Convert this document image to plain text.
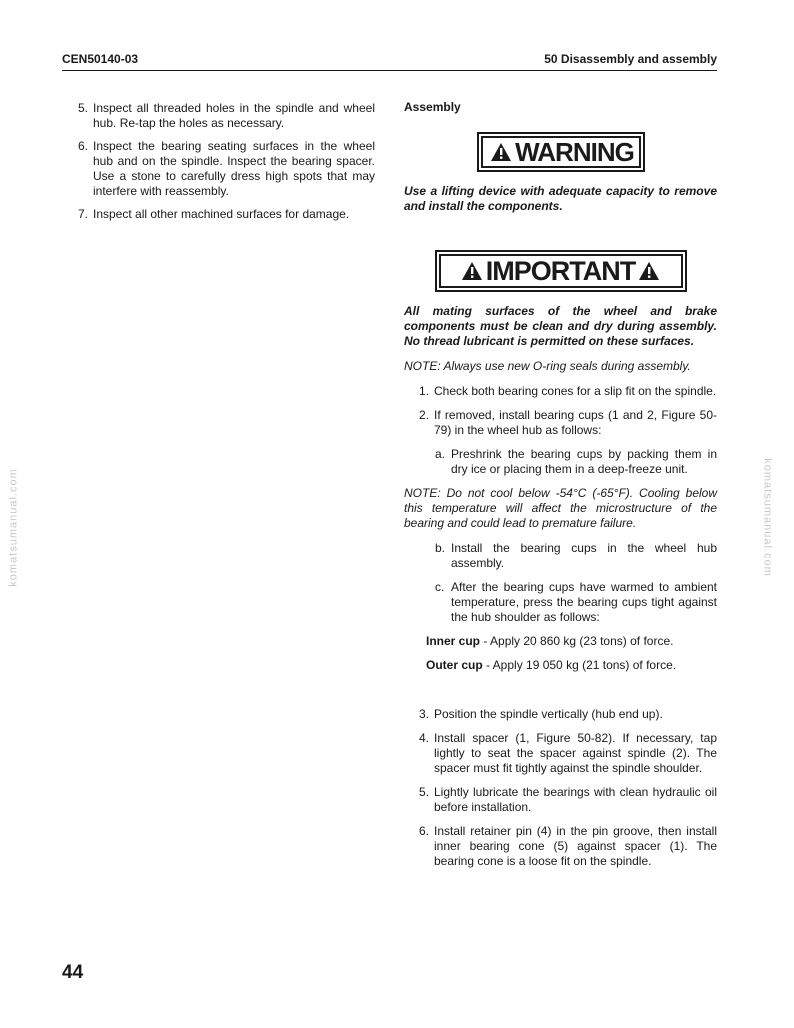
CEN50140-03	50 Disassembly and assembly
komatsumanual.com	komatsumanual.com
5. Inspect all threaded holes in the spindle and wheel hub. Re-tap the holes as necessary.
6. Inspect the bearing seating surfaces in the wheel hub and on the spindle. Inspect the bearing spacer. Use a stone to carefully dress high spots that may interfere with reassembly.
7. Inspect all other machined surfaces for damage.
Assembly
WARNING
Use a lifting device with adequate capacity to remove and install the components.
IMPORTANT
All mating surfaces of the wheel and brake components must be clean and dry during assembly. No thread lubricant is permitted on these surfaces.
NOTE: Always use new O-ring seals during assembly.
1. Check both bearing cones for a slip fit on the spindle.
2. If removed, install bearing cups (1 and 2, Figure 50-79) in the wheel hub as follows:
a. Preshrink the bearing cups by packing them in dry ice or placing them in a deep-freeze unit.
NOTE: Do not cool below -54°C (-65°F). Cooling below this temperature will affect the microstructure of the bearing and could lead to premature failure.
b. Install the bearing cups in the wheel hub assembly.
c. After the bearing cups have warmed to ambient temperature, press the bearing cups tight against the hub shoulder as follows:
Inner cup - Apply 20 860 kg (23 tons) of force.
Outer cup - Apply 19 050 kg (21 tons) of force.
3. Position the spindle vertically (hub end up).
4. Install spacer (1, Figure 50-82). If necessary, tap lightly to seat the spacer against spindle (2). The spacer must fit tightly against the spindle shoulder.
5. Lightly lubricate the bearings with clean hydraulic oil before installation.
6. Install retainer pin (4) in the pin groove, then install inner bearing cone (5) against spacer (1). The bearing cone is a loose fit on the spindle.
44
